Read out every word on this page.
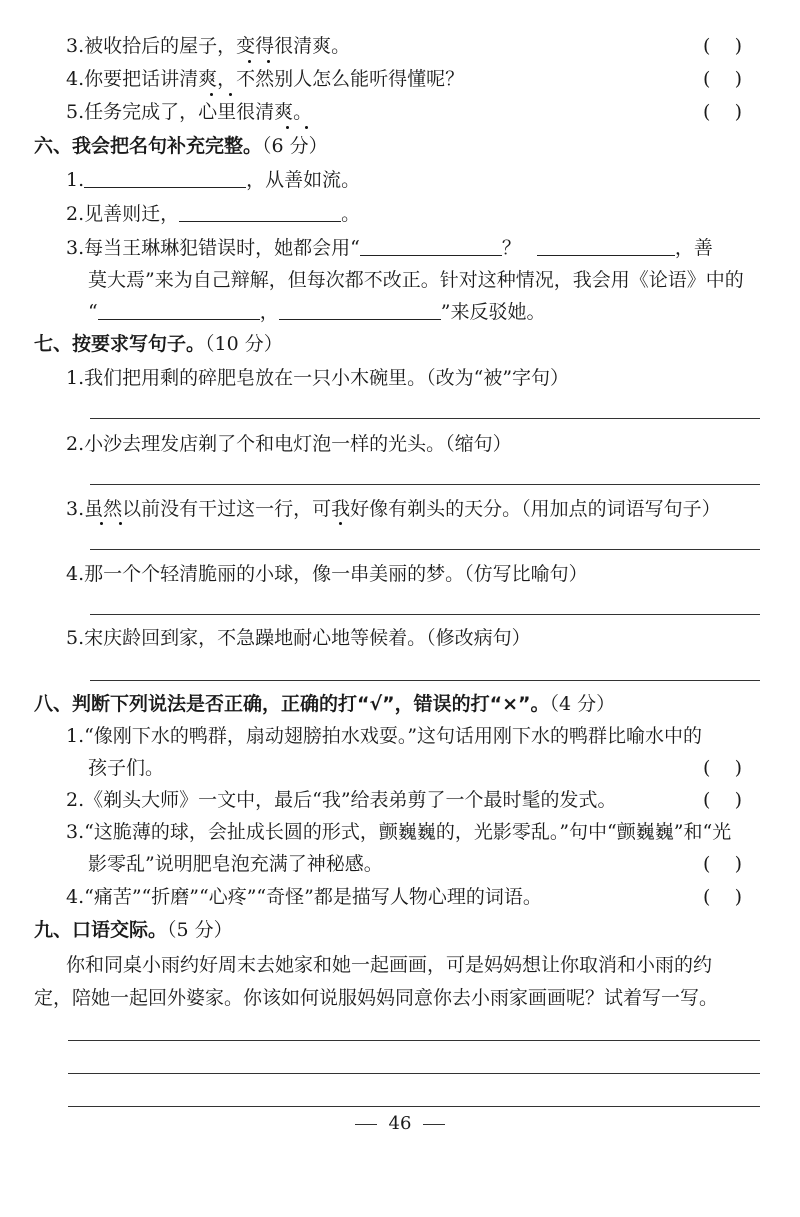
3.被收拾后的屋子，变得很清爽。	(    )
4.你要把话讲清爽，不然别人怎么能听得懂呢？	(    )
5.任务完成了，心里很清爽。	(    )
六、我会把名句补充完整。（6 分）
1.	，从善如流。
2.见善则迁，	。
3.每当王琳琳犯错误时，她都会用“	？	，善
莫大焉”来为自己辩解，但每次都不改正。针对这种情况，我会用《论语》中的
“	，	”来反驳她。
七、按要求写句子。（10 分）
1.我们把用剩的碎肥皂放在一只小木碗里。（改为“被”字句）
2.小沙去理发店剃了个和电灯泡一样的光头。（缩句）
3.虽然以前没有干过这一行，可我好像有剃头的天分。（用加点的词语写句子）
4.那一个个轻清脆丽的小球，像一串美丽的梦。（仿写比喻句）
5.宋庆龄回到家，不急躁地耐心地等候着。（修改病句）
八、判断下列说法是否正确，正确的打“√”，错误的打“×”。（4 分）
1.“像刚下水的鸭群，扇动翅膀拍水戏耍。”这句话用刚下水的鸭群比喻水中的
孩子们。	(    )
2.《剃头大师》一文中，最后“我”给表弟剪了一个最时髦的发式。	(    )
3.“这脆薄的球，会扯成长圆的形式，颤巍巍的，光影零乱。”句中“颤巍巍”和“光
影零乱”说明肥皂泡充满了神秘感。	(    )
4.“痛苦”“折磨”“心疼”“奇怪”都是描写人物心理的词语。	(    )
九、口语交际。（5 分）
你和同桌小雨约好周末去她家和她一起画画，可是妈妈想让你取消和小雨的约
定，陪她一起回外婆家。你该如何说服妈妈同意你去小雨家画画呢？试着写一写。
46
